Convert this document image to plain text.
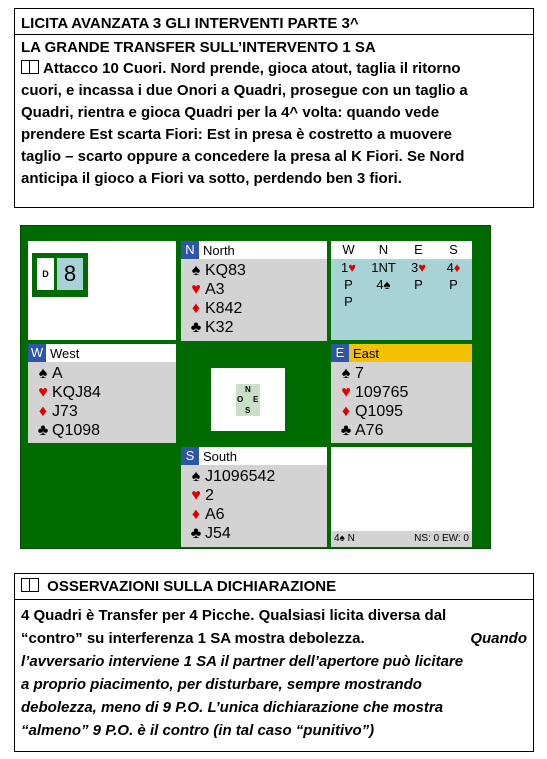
LICITA AVANZATA 3 GLI INTERVENTI PARTE 3^
LA GRANDE TRANSFER SULL’INTERVENTO 1 SA
Attacco 10 Cuori. Nord prende, gioca atout, taglia il ritorno
cuori, e incassa i due Onori a Quadri, prosegue con un taglio a
Quadri, rientra e gioca Quadri per la 4^ volta: quando vede
prendere Est scarta Fiori: Est in presa è costretto a muovere
taglio – scarto oppure a concedere la presa al K Fiori. Se Nord
anticipa il gioco a Fiori va sotto, perdendo ben 3 fiori.
D 8
N North
♠ KQ83
♥ A3
♦ K842
♣ K32
W	N	E	S
1♥	1NT	3♥	4♦
P	4♠	P	P
P
W West
♠ A
♥ KQJ84
♦ J73
♣ Q1098
N
O E
S
E East
♠ 7
♥ 109765
♦ Q1095
♣ A76
S South
♠ J1096542
♥ 2
♦ A6
♣ J54	4♠ N	NS: 0 EW: 0
OSSERVAZIONI SULLA DICHIARAZIONE
4 Quadri è Transfer per 4 Picche. Qualsiasi licita diversa dal
“contro” su interferenza 1 SA mostra debolezza.	Quando
l’avversario interviene 1 SA il partner dell’apertore può licitare
a proprio piacimento, per disturbare, sempre mostrando
debolezza, meno di 9 P.O. L’unica dichiarazione che mostra
“almeno” 9 P.O. è il contro (in tal caso “punitivo”)
